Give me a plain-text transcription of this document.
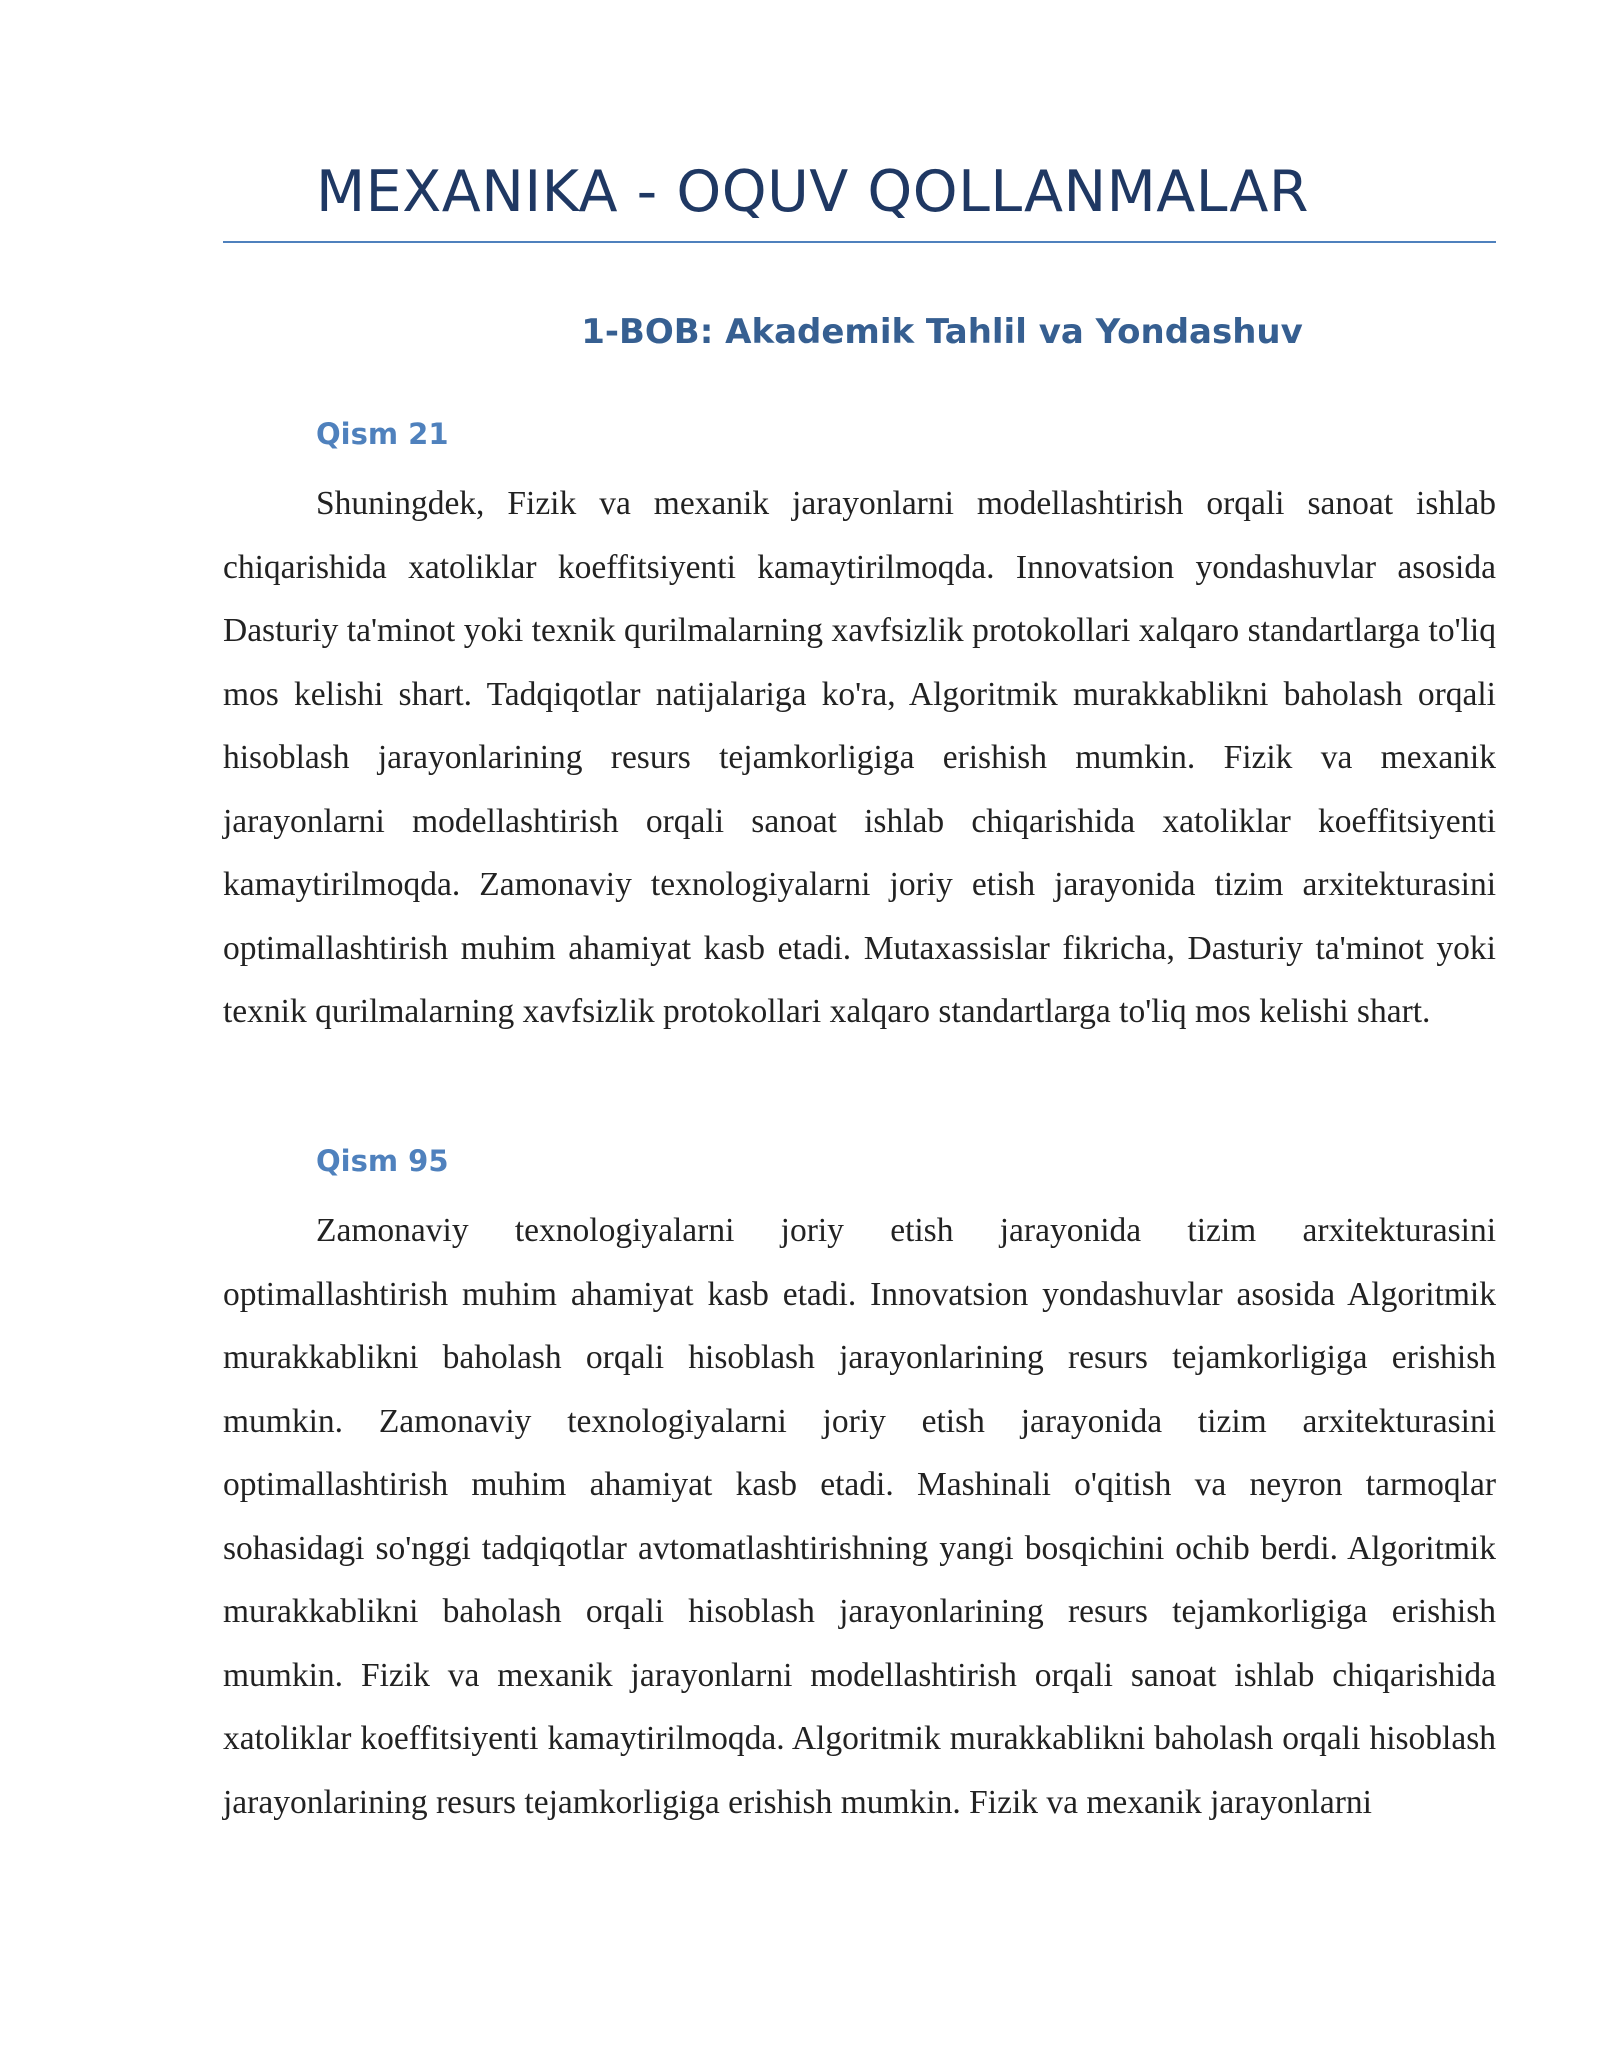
MEXANIKA - OQUV QOLLANMALAR
1-BOB: Akademik Tahlil va Yondashuv
Qism 21

Shuningdek, Fizik va mexanik jarayonlarni modellashtirish orqali sanoat ishlab chiqarishida xatoliklar koeffitsiyenti kamaytirilmoqda. Innovatsion yondashuvlar asosida Dasturiy ta'minot yoki texnik qurilmalarning xavfsizlik protokollari xalqaro standartlarga to'liq mos kelishi shart. Tadqiqotlar natijalariga ko'ra, Algoritmik murakkablikni baholash orqali hisoblash jarayonlarining resurs tejamkorligiga erishish mumkin. Fizik va mexanik jarayonlarni modellashtirish orqali sanoat ishlab chiqarishida xatoliklar koeffitsiyenti kamaytirilmoqda. Zamonaviy texnologiyalarni joriy etish jarayonida tizim arxitekturasini optimallashtirish muhim ahamiyat kasb etadi. Mutaxassislar fikricha, Dasturiy ta'minot yoki texnik qurilmalarning xavfsizlik protokollari xalqaro standartlarga to'liq mos kelishi shart.

Qism 95

Zamonaviy texnologiyalarni joriy etish jarayonida tizim arxitekturasini optimallashtirish muhim ahamiyat kasb etadi. Innovatsion yondashuvlar asosida Algoritmik murakkablikni baholash orqali hisoblash jarayonlarining resurs tejamkorligiga erishish mumkin. Zamonaviy texnologiyalarni joriy etish jarayonida tizim arxitekturasini optimallashtirish muhim ahamiyat kasb etadi. Mashinali o'qitish va neyron tarmoqlar sohasidagi so'nggi tadqiqotlar avtomatlashtirishning yangi bosqichini ochib berdi. Algoritmik murakkablikni baholash orqali hisoblash jarayonlarining resurs tejamkorligiga erishish mumkin. Fizik va mexanik jarayonlarni modellashtirish orqali sanoat ishlab chiqarishida xatoliklar koeffitsiyenti kamaytirilmoqda. Algoritmik murakkablikni baholash orqali hisoblash jarayonlarining resurs tejamkorligiga erishish mumkin. Fizik va mexanik jarayonlarni
